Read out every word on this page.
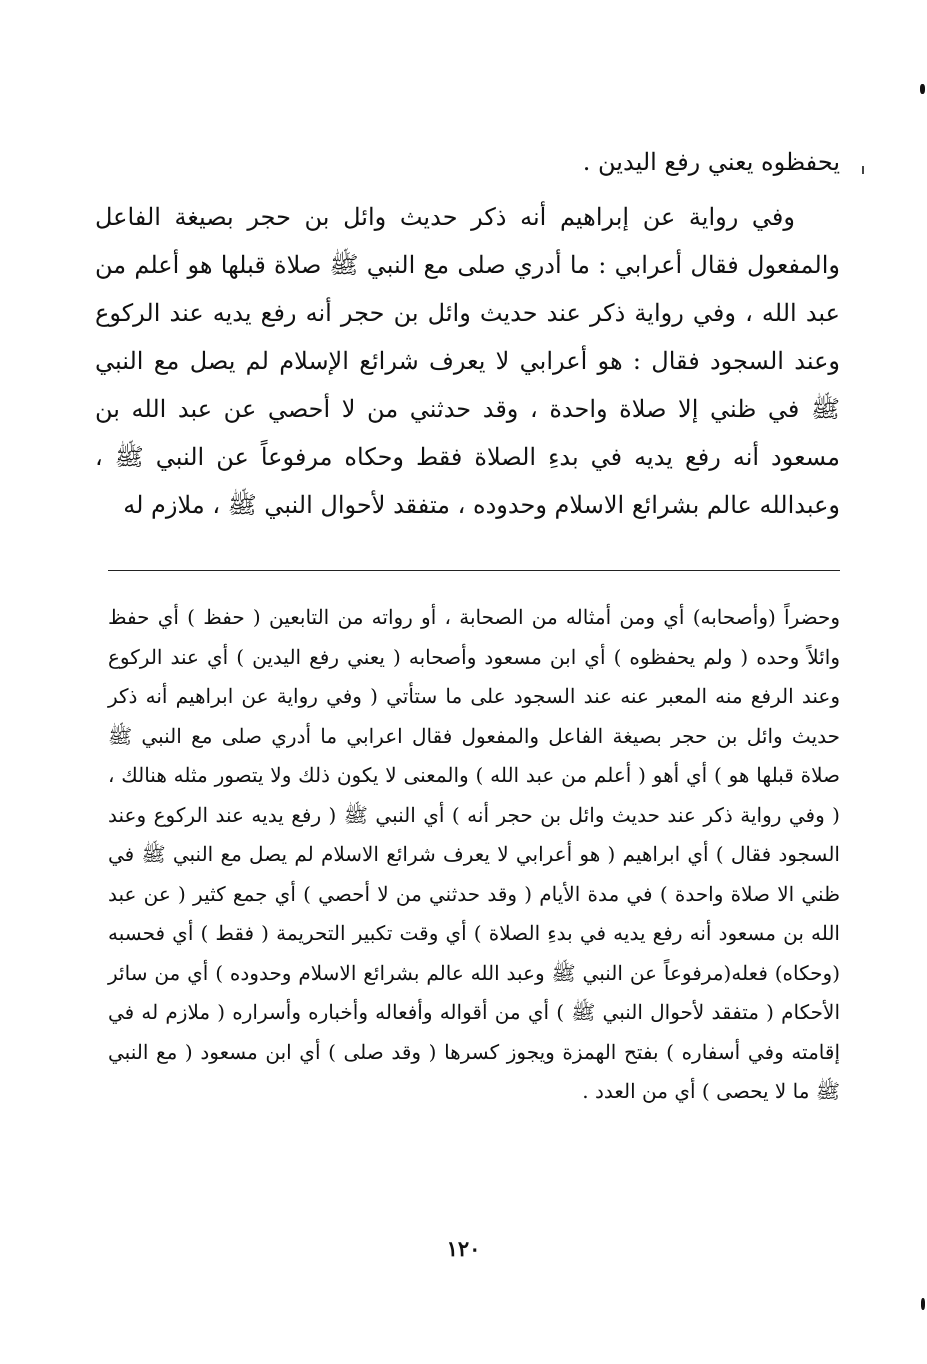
يحفظوه يعني رفع اليدين .

وفي رواية عن إبراهيم أنه ذكر حديث وائل بن حجر بصيغة الفاعل والمفعول فقال أعرابي : ما أدري صلى مع النبي ﷺ صلاة قبلها هو أعلم من عبد الله ، وفي رواية ذكر عند حديث وائل بن حجر أنه رفع يديه عند الركوع وعند السجود فقال : هو أعرابي لا يعرف شرائع الإسلام لم يصل مع النبي ﷺ في ظني إلا صلاة واحدة ، وقد حدثني من لا أحصي عن عبد الله بن مسعود أنه رفع يديه في بدءِ الصلاة فقط وحكاه مرفوعاً عن النبي ﷺ ، وعبدالله عالم بشرائع الاسلام وحدوده ، متفقد لأحوال النبي ﷺ ، ملازم له

وحضراً (وأصحابه) أي ومن أمثاله من الصحابة ، أو رواته من التابعين ( حفظ ) أي حفظ وائلاً وحده ( ولم يحفظوه ) أي ابن مسعود وأصحابه ( يعني رفع اليدين ) أي عند الركوع وعند الرفع منه المعبر عنه عند السجود على ما ستأتي ( وفي رواية عن ابراهيم أنه ذكر حديث وائل بن حجر بصيغة الفاعل والمفعول فقال اعرابي ما أدري صلى مع النبي ﷺ صلاة قبلها هو ) أي أهو ( أعلم من عبد الله ) والمعنى لا يكون ذلك ولا يتصور مثله هنالك ، ( وفي رواية ذكر عند حديث وائل بن حجر أنه ) أي النبي ﷺ ( رفع يديه عند الركوع وعند السجود فقال ) أي ابراهيم ( هو أعرابي لا يعرف شرائع الاسلام لم يصل مع النبي ﷺ في ظني الا صلاة واحدة ) في مدة الأيام ( وقد حدثني من لا أحصي ) أي جمع كثير ( عن عبد الله بن مسعود أنه رفع يديه في بدءِ الصلاة ) أي وقت تكبير التحريمة ( فقط ) أي فحسبه (وحكاه) فعله(مرفوعاً عن النبي ﷺ وعبد الله عالم بشرائع الاسلام وحدوده ) أي من سائر الأحكام ( متفقد لأحوال النبي ﷺ ) أي من أقواله وأفعاله وأخباره وأسراره ( ملازم له في إقامته وفي أسفاره ) بفتح الهمزة ويجوز كسرها ( وقد صلى ) أي ابن مسعود ( مع النبي ﷺ ما لا يحصى ) أي من العدد .

١٢٠
